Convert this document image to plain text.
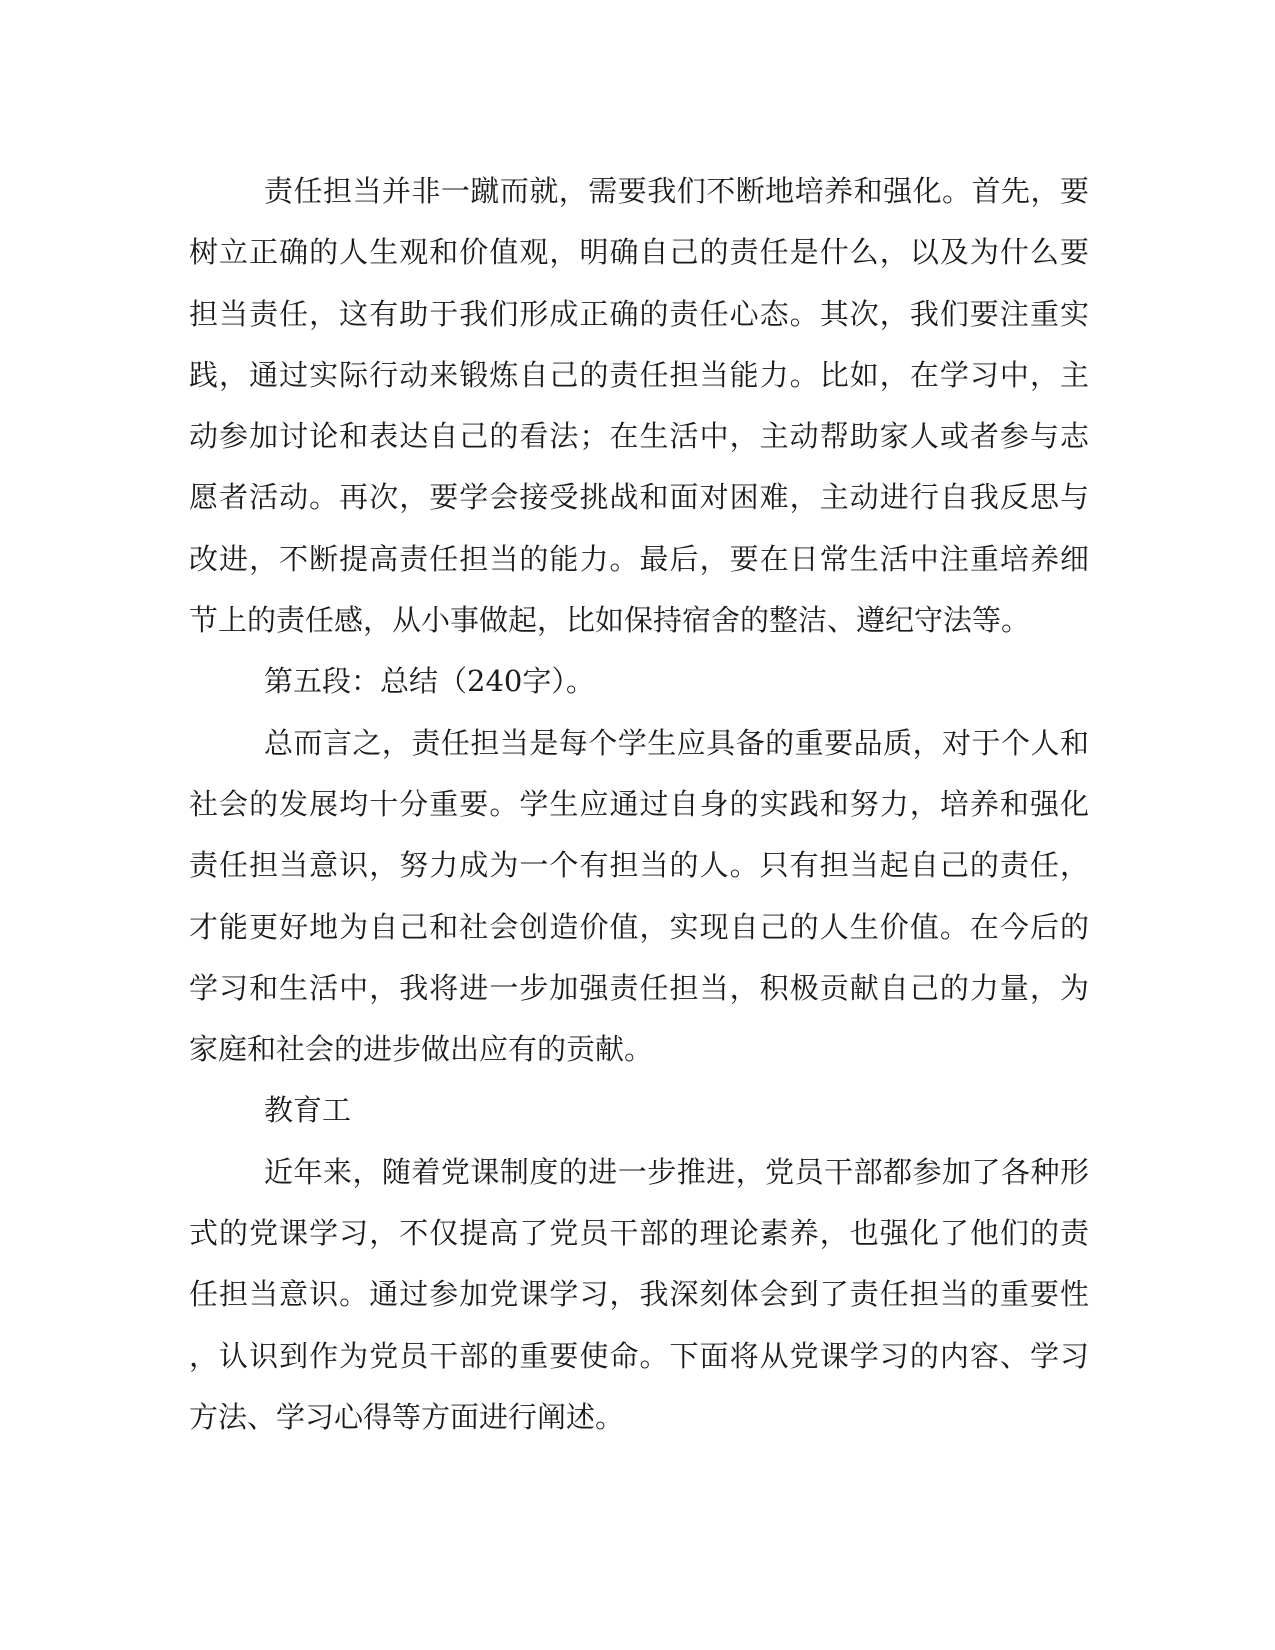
责任担当并非一蹴而就，需要我们不断地培养和强化。首先，要
树立正确的人生观和价值观，明确自己的责任是什么，以及为什么要
担当责任，这有助于我们形成正确的责任心态。其次，我们要注重实
践，通过实际行动来锻炼自己的责任担当能力。比如，在学习中，主
动参加讨论和表达自己的看法；在生活中，主动帮助家人或者参与志
愿者活动。再次，要学会接受挑战和面对困难，主动进行自我反思与
改进，不断提高责任担当的能力。最后，要在日常生活中注重培养细
节上的责任感，从小事做起，比如保持宿舍的整洁、遵纪守法等。
第五段：总结（240字）。
总而言之，责任担当是每个学生应具备的重要品质，对于个人和
社会的发展均十分重要。学生应通过自身的实践和努力，培养和强化
责任担当意识，努力成为一个有担当的人。只有担当起自己的责任，
才能更好地为自己和社会创造价值，实现自己的人生价值。在今后的
学习和生活中，我将进一步加强责任担当，积极贡献自己的力量，为
家庭和社会的进步做出应有的贡献。
教育工
近年来，随着党课制度的进一步推进，党员干部都参加了各种形
式的党课学习，不仅提高了党员干部的理论素养，也强化了他们的责
任担当意识。通过参加党课学习，我深刻体会到了责任担当的重要性
，认识到作为党员干部的重要使命。下面将从党课学习的内容、学习
方法、学习心得等方面进行阐述。
